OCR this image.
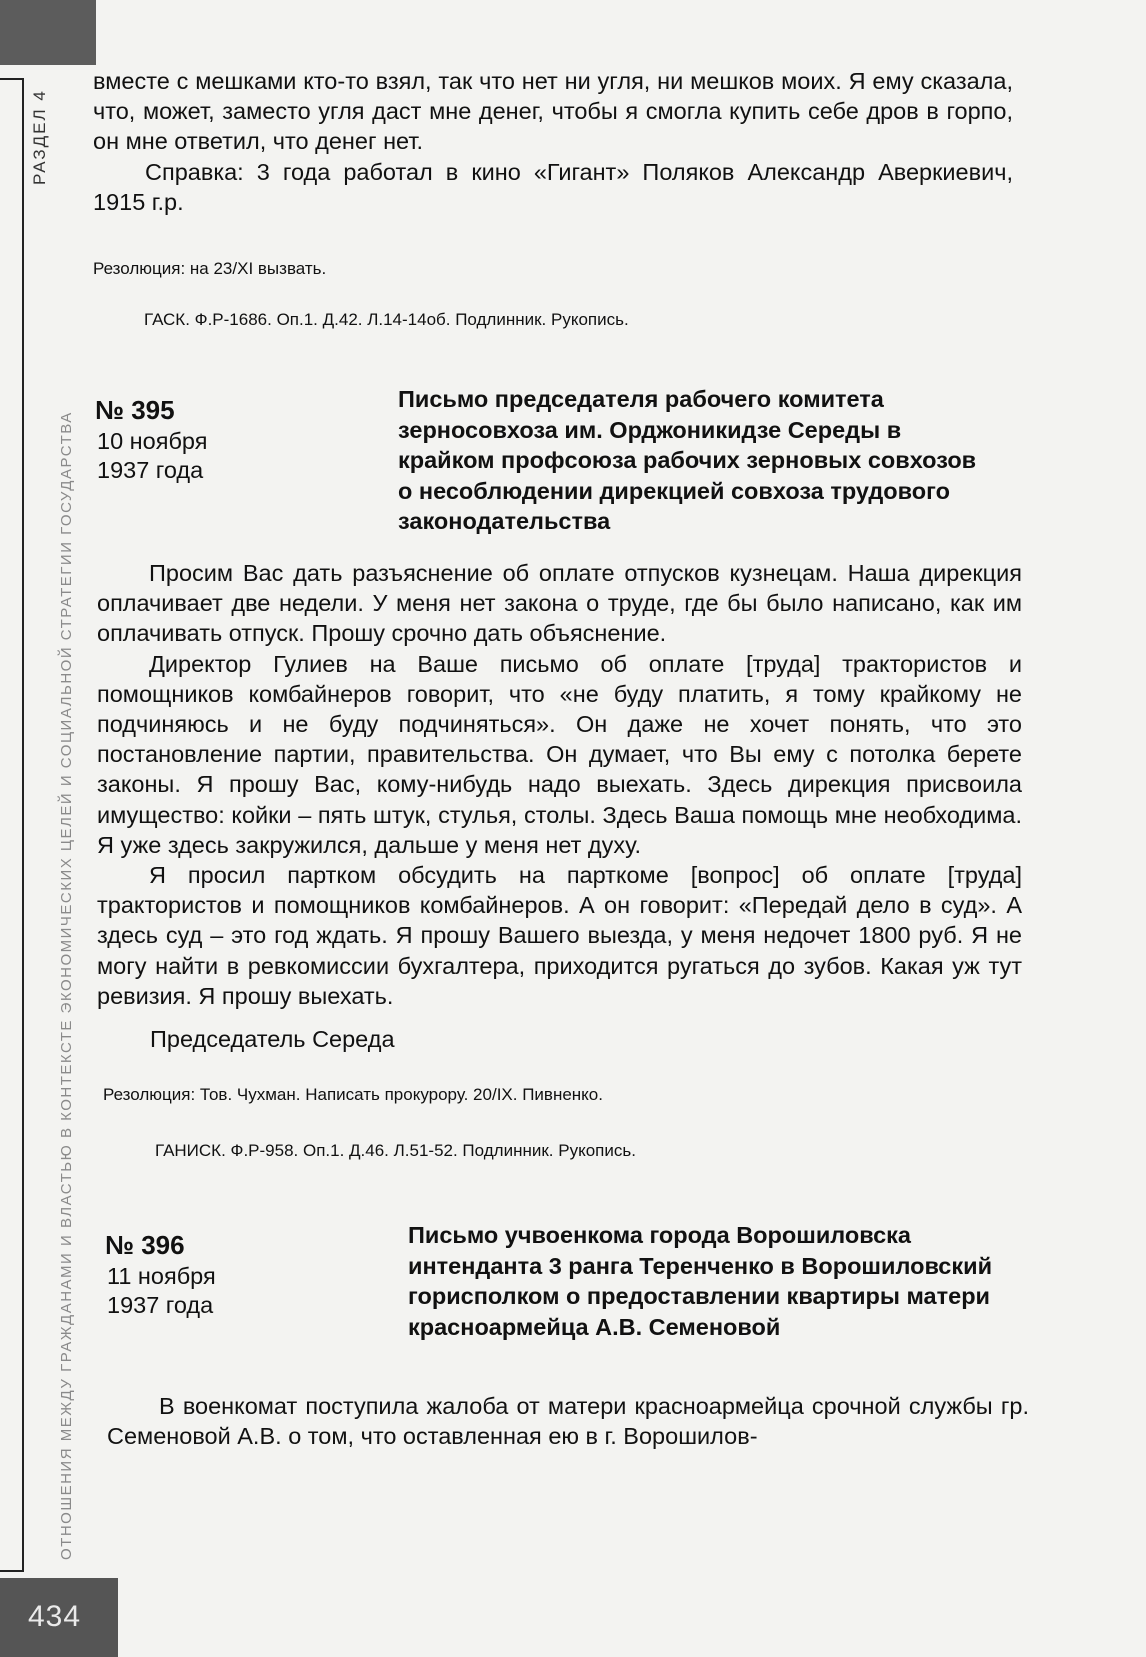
РАЗДЕЛ 4
ОТНОШЕНИЯ МЕЖДУ ГРАЖДАНАМИ И ВЛАСТЬЮ В КОНТЕКСТЕ ЭКОНОМИЧЕСКИХ ЦЕЛЕЙ И СОЦИАЛЬНОЙ СТРАТЕГИИ ГОСУДАРСТВА
434

вместе с мешками кто-то взял, так что нет ни угля, ни мешков моих. Я ему сказала, что, может, заместо угля даст мне денег, чтобы я смогла купить себе дров в горпо, он мне ответил, что денег нет.

Справка: 3 года работал в кино «Гигант» Поляков Александр Аверкиевич, 1915 г.р.

Резолюция: на 23/XI вызвать.

ГАСК. Ф.Р-1686. Оп.1. Д.42. Л.14-14об. Подлинник. Рукопись.

№ 395

10 ноября

1937 года

Письмо председателя рабочего комитета зерносовхоза им. Орджоникидзе Середы в крайком профсоюза рабочих зерновых совхозов о несоблюдении дирекцией совхоза трудового законодательства

Просим Вас дать разъяснение об оплате отпусков кузнецам. Наша дирекция оплачивает две недели. У меня нет закона о труде, где бы было написано, как им оплачивать отпуск. Прошу срочно дать объяснение.

Директор Гулиев на Ваше письмо об оплате [труда] трактористов и помощников комбайнеров говорит, что «не буду платить, я тому крайкому не подчиняюсь и не буду подчиняться». Он даже не хочет понять, что это постановление партии, правительства. Он думает, что Вы ему с потолка берете законы. Я прошу Вас, кому-нибудь надо выехать. Здесь дирекция присвоила имущество: койки – пять штук, стулья, столы. Здесь Ваша помощь мне необходима. Я уже здесь закружился, дальше у меня нет духу.

Я просил партком обсудить на парткоме [вопрос] об оплате [труда] трактористов и помощников комбайнеров. А он говорит: «Передай дело в суд». А здесь суд – это год ждать. Я прошу Вашего выезда, у меня недочет 1800 руб. Я не могу найти в ревкомиссии бухгалтера, приходится ругаться до зубов. Какая уж тут ревизия. Я прошу выехать.

Председатель Середа

Резолюция: Тов. Чухман. Написать прокурору. 20/IX. Пивненко.

ГАНИСК. Ф.Р-958. Оп.1. Д.46. Л.51-52. Подлинник. Рукопись.

№ 396

11 ноября

1937 года

Письмо учвоенкома города Ворошиловска интенданта 3 ранга Теренченко в Ворошиловский горисполком о предоставлении квартиры матери красноармейца А.В. Семеновой

В военкомат поступила жалоба от матери красноармейца срочной службы гр. Семеновой А.В. о том, что оставленная ею в г. Ворошилов-
